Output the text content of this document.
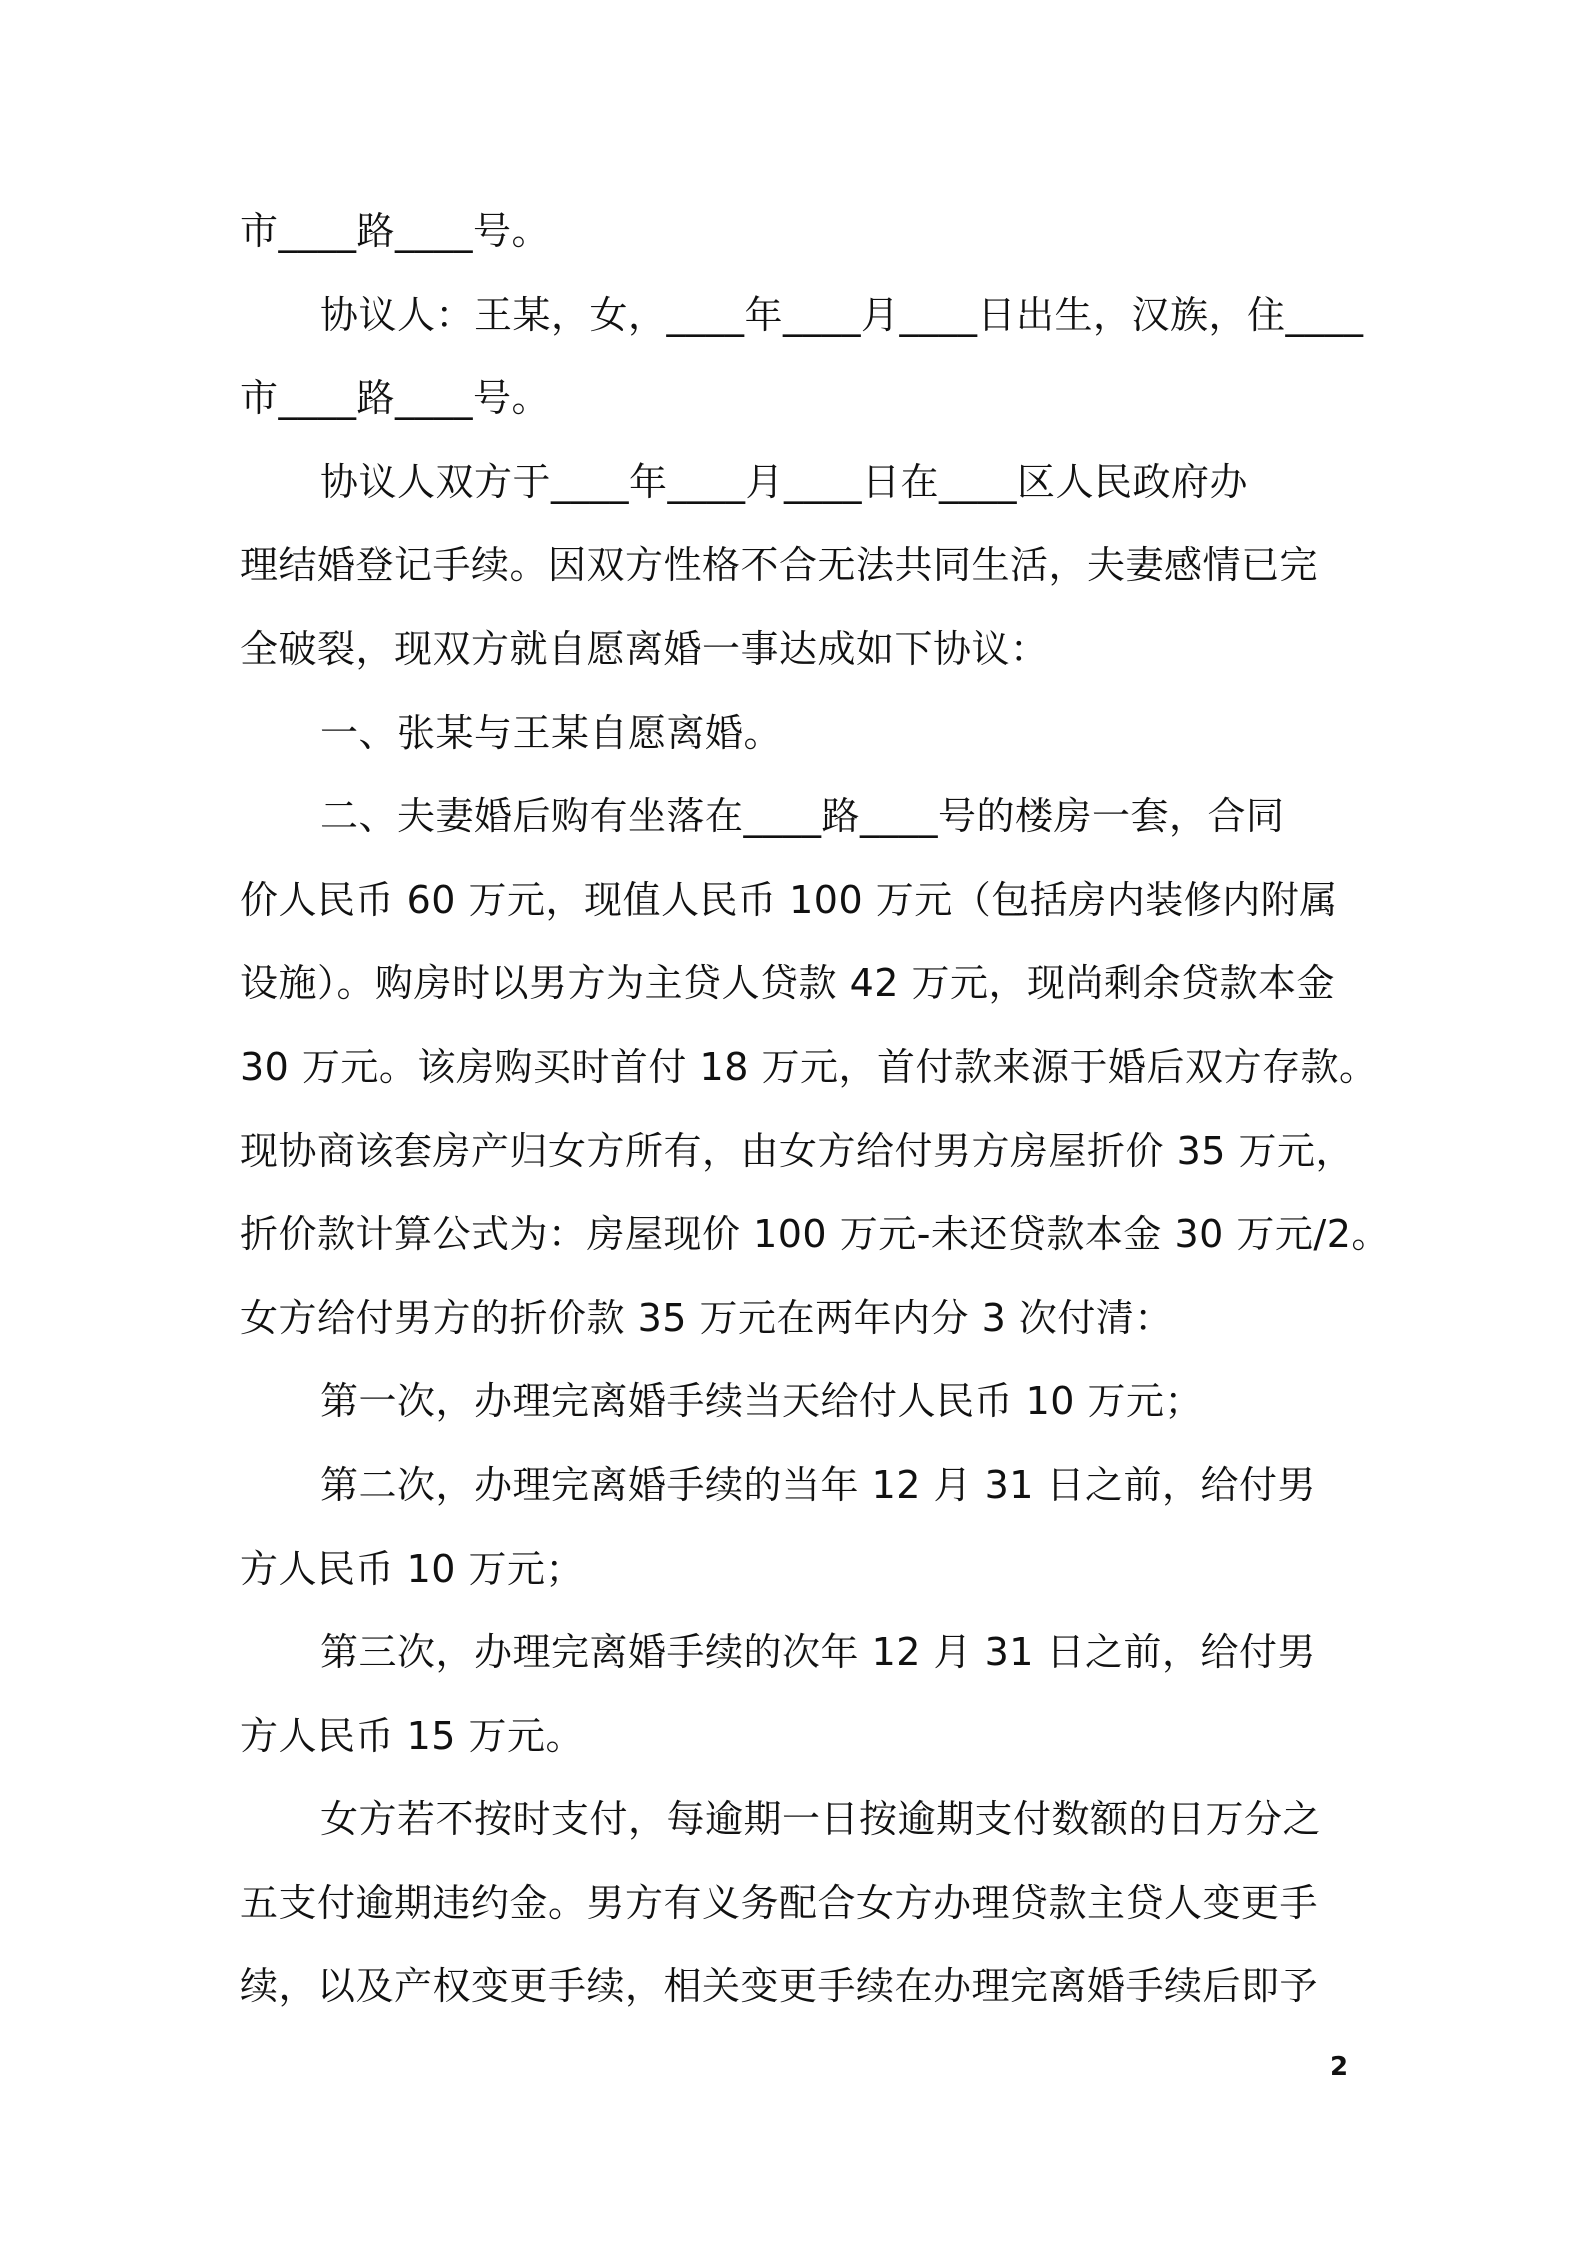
市____路____号。

协议人：王某，女，____年____月____日出生，汉族，住____

市____路____号。

协议人双方于____年____月____日在____区人民政府办

理结婚登记手续。因双方性格不合无法共同生活，夫妻感情已完

全破裂，现双方就自愿离婚一事达成如下协议：

一、张某与王某自愿离婚。

二、夫妻婚后购有坐落在____路____号的楼房一套，合同

价人民币 60 万元，现值人民币 100 万元（包括房内装修内附属

设施）。购房时以男方为主贷人贷款 42 万元，现尚剩余贷款本金

30 万元。该房购买时首付 18 万元，首付款来源于婚后双方存款。

现协商该套房产归女方所有，由女方给付男方房屋折价 35 万元，

折价款计算公式为：房屋现价 100 万元-未还贷款本金 30 万元/2。

女方给付男方的折价款 35 万元在两年内分 3 次付清：

第一次，办理完离婚手续当天给付人民币 10 万元；

第二次，办理完离婚手续的当年 12 月 31 日之前，给付男

方人民币 10 万元；

第三次，办理完离婚手续的次年 12 月 31 日之前，给付男

方人民币 15 万元。

女方若不按时支付，每逾期一日按逾期支付数额的日万分之

五支付逾期违约金。男方有义务配合女方办理贷款主贷人变更手

续，以及产权变更手续，相关变更手续在办理完离婚手续后即予

2
